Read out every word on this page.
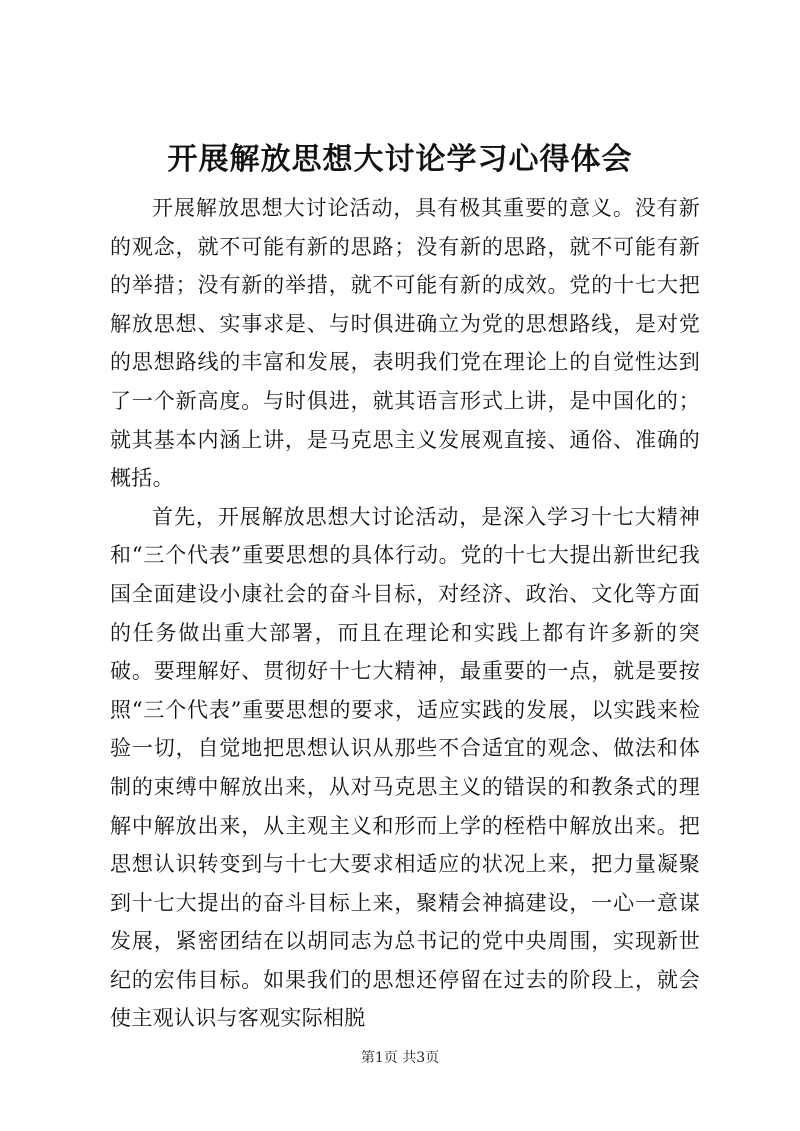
开展解放思想大讨论学习心得体会

开展解放思想大讨论活动，具有极其重要的意义。没有新的观念，就不可能有新的思路；没有新的思路，就不可能有新的举措；没有新的举措，就不可能有新的成效。党的十七大把解放思想、实事求是、与时俱进确立为党的思想路线，是对党的思想路线的丰富和发展，表明我们党在理论上的自觉性达到了一个新高度。与时俱进，就其语言形式上讲，是中国化的；就其基本内涵上讲，是马克思主义发展观直接、通俗、准确的概括。

首先，开展解放思想大讨论活动，是深入学习十七大精神和“三个代表”重要思想的具体行动。党的十七大提出新世纪我国全面建设小康社会的奋斗目标，对经济、政治、文化等方面的任务做出重大部署，而且在理论和实践上都有许多新的突破。要理解好、贯彻好十七大精神，最重要的一点，就是要按照“三个代表”重要思想的要求，适应实践的发展，以实践来检验一切，自觉地把思想认识从那些不合适宜的观念、做法和体制的束缚中解放出来，从对马克思主义的错误的和教条式的理解中解放出来，从主观主义和形而上学的桎梏中解放出来。把思想认识转变到与十七大要求相适应的状况上来，把力量凝聚到十七大提出的奋斗目标上来，聚精会神搞建设，一心一意谋发展，紧密团结在以胡同志为总书记的党中央周围，实现新世纪的宏伟目标。如果我们的思想还停留在过去的阶段上，就会使主观认识与客观实际相脱

第1页 共3页
